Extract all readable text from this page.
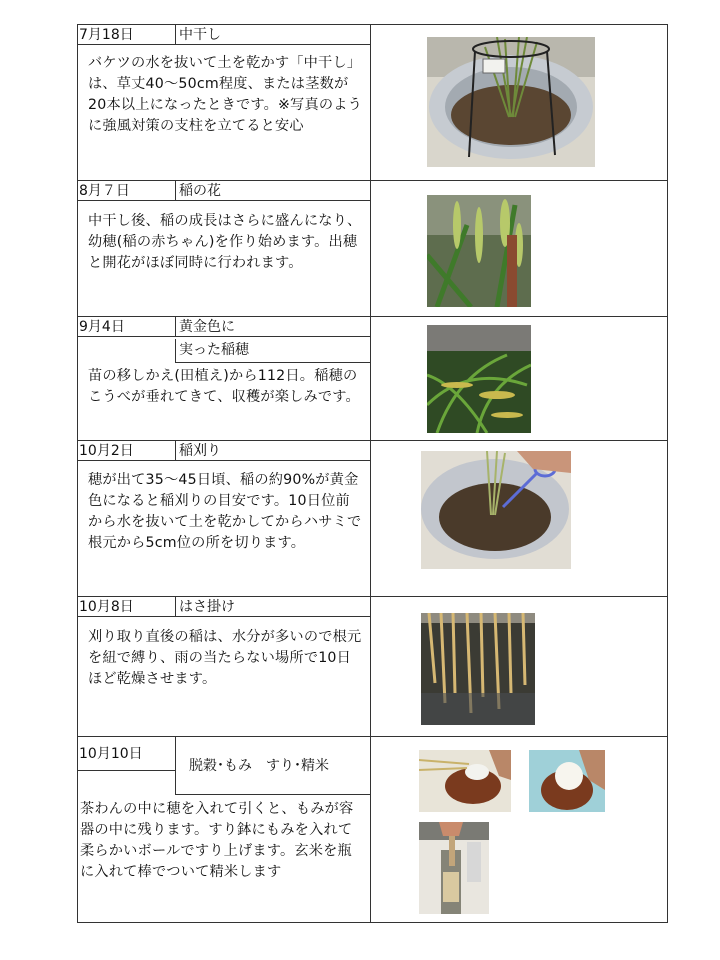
7月18日	中干し
バケツの水を抜いて土を乾かす「中干し」は、草丈40～50cm程度、または茎数が20本以上になったときです。※写真のように強風対策の支柱を立てると安心
8月７日	稲の花
中干し後、稲の成長はさらに盛んになり、幼穂(稲の赤ちゃん)を作り始めます。出穂と開花がほぼ同時に行われます。
9月4日	黄金色に
実った稲穂
苗の移しかえ(田植え)から112日。稲穂のこうべが垂れてきて、収穫が楽しみです。
10月2日	稲刈り
穂が出て35～45日頃、稲の約90%が黄金色になると稲刈りの目安です。10日位前から水を抜いて土を乾かしてからハサミで根元から5cm位の所を切ります。
10月8日	はさ掛け
刈り取り直後の稲は、水分が多いので根元を紐で縛り、雨の当たらない場所で10日ほど乾燥させます。
10月10日
脱穀･もみ　すり･精米
茶わんの中に穂を入れて引くと、もみが容器の中に残ります。すり鉢にもみを入れて柔らかいボールですり上げます。玄米を瓶に入れて棒でついて精米します
